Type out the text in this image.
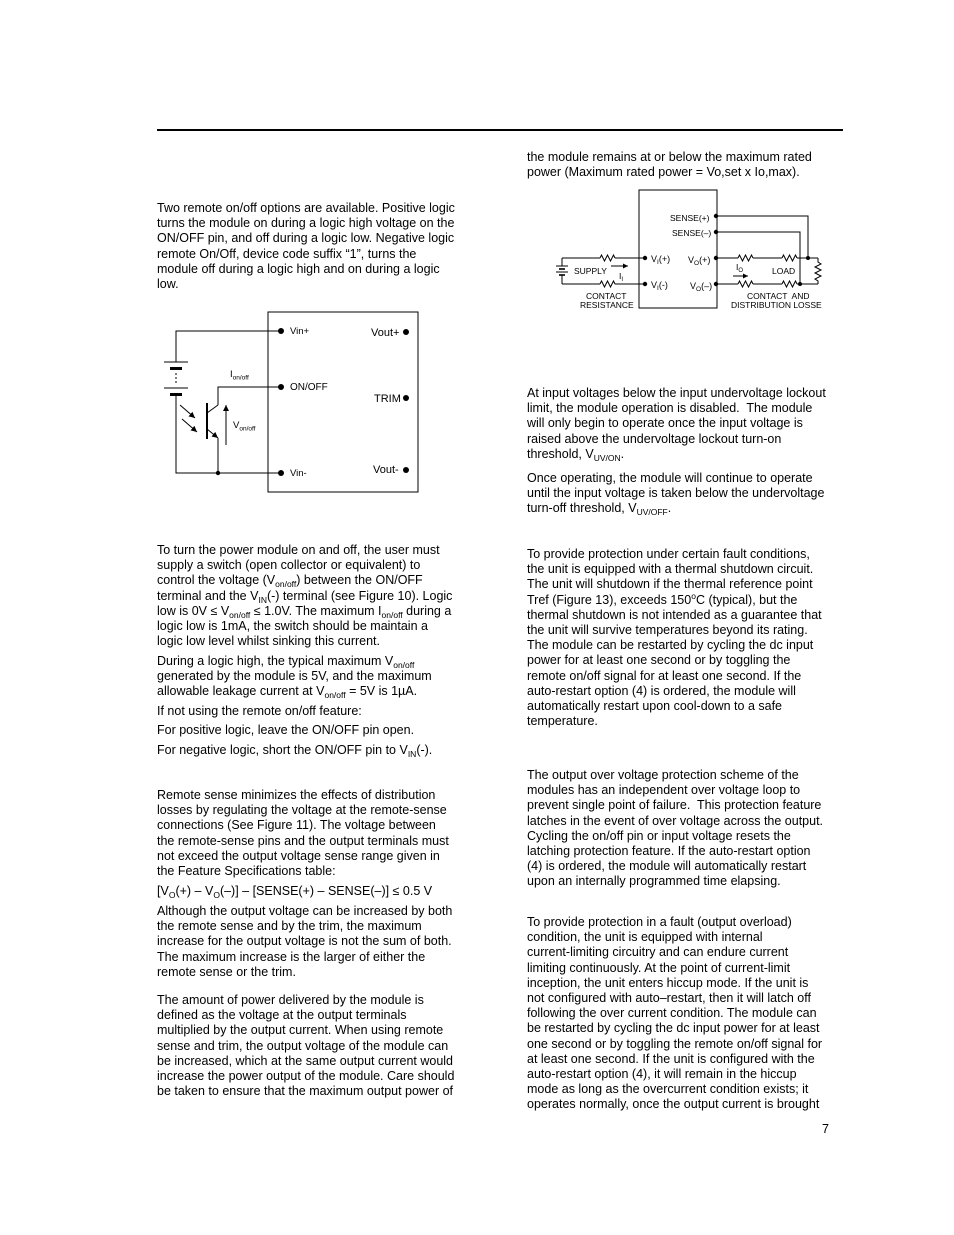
Two remote on/off options are available. Positive logic
turns the module on during a logic high voltage on the
ON/OFF pin, and off during a logic low. Negative logic
remote On/Off, device code suffix “1”, turns the
module off during a logic high and on during a logic
low.
Vin+
ON/OFF
Vin-
Vout+
TRIM
Vout-
$I_{on/off}$
$V_{on/off}$
To turn the power module on and off, the user must
supply a switch (open collector or equivalent) to
control the voltage $(V_{on/off})$ between the ON/OFF
terminal and the $V_{IN}(-)$ terminal (see Figure 10). Logic
low is $0V \le V_{on/off} \le 1.0V$. The maximum $I_{on/off}$ during a
logic low is 1mA, the switch should be maintain a
logic low level whilst sinking this current.
During a logic high, the typical maximum $V_{on/off}$
generated by the module is 5V, and the maximum
allowable leakage current at $V_{on/off} = 5V$ is 1µA.
If not using the remote on/off feature:
For positive logic, leave the ON/OFF pin open.
For negative logic, short the ON/OFF pin to $V_{IN}(-)$.
Remote sense minimizes the effects of distribution
losses by regulating the voltage at the remote-sense
connections (See Figure 11). The voltage between
the remote-sense pins and the output terminals must
not exceed the output voltage sense range given in
the Feature Specifications table:
$[V_O(+) - V_O(-)]$ – [SENSE(+) – SENSE(–)] ≤ 0.5 V
Although the output voltage can be increased by both
the remote sense and by the trim, the maximum
increase for the output voltage is not the sum of both.
The maximum increase is the larger of either the
remote sense or the trim.
The amount of power delivered by the module is
defined as the voltage at the output terminals
multiplied by the output current. When using remote
sense and trim, the output voltage of the module can
be increased, which at the same output current would
increase the power output of the module. Care should
be taken to ensure that the maximum output power of
the module remains at or below the maximum rated
power (Maximum rated power = Vo,set x Io,max).
SENSE(+)
SENSE(–)
$V_I(+)$
$V_I(-)$
$V_O(+)$
$V_O(-)$
SUPPLY $I_I$
CONTACT
RESISTANCE
$I_O$	LOAD
CONTACT  AND
DISTRIBUTION LOSSE
At input voltages below the input undervoltage lockout
limit, the module operation is disabled.  The module
will only begin to operate once the input voltage is
raised above the undervoltage lockout turn-on
threshold, $V_{UV/ON}$.
Once operating, the module will continue to operate
until the input voltage is taken below the undervoltage
turn-off threshold, $V_{UV/OFF}$.
To provide protection under certain fault conditions,
the unit is equipped with a thermal shutdown circuit.
The unit will shutdown if the thermal reference point
Tref (Figure 13), exceeds 150$^o$C (typical), but the
thermal shutdown is not intended as a guarantee that
the unit will survive temperatures beyond its rating.
The module can be restarted by cycling the dc input
power for at least one second or by toggling the
remote on/off signal for at least one second. If the
auto-restart option (4) is ordered, the module will
automatically restart upon cool-down to a safe
temperature.
The output over voltage protection scheme of the
modules has an independent over voltage loop to
prevent single point of failure.  This protection feature
latches in the event of over voltage across the output.
Cycling the on/off pin or input voltage resets the
latching protection feature. If the auto-restart option
(4) is ordered, the module will automatically restart
upon an internally programmed time elapsing.
To provide protection in a fault (output overload)
condition, the unit is equipped with internal
current-limiting circuitry and can endure current
limiting continuously. At the point of current-limit
inception, the unit enters hiccup mode. If the unit is
not configured with auto–restart, then it will latch off
following the over current condition. The module can
be restarted by cycling the dc input power for at least
one second or by toggling the remote on/off signal for
at least one second. If the unit is configured with the
auto-restart option (4), it will remain in the hiccup
mode as long as the overcurrent condition exists; it
operates normally, once the output current is brought
7
